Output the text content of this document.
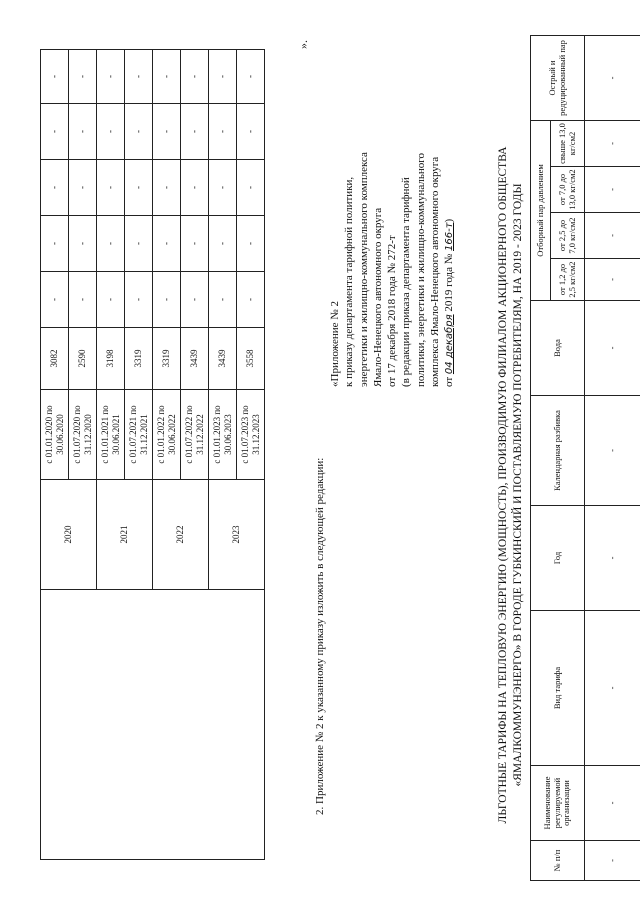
	2020	с 01.01.2020 по 30.06.2020	3082	-	-	-	-	-
		с 01.07.2020 по 31.12.2020	2590	-	-	-	-	-
	2021	с 01.01.2021 по 30.06.2021	3198	-	-	-	-	-
		с 01.07.2021 по 31.12.2021	3319	-	-	-	-	-
	2022	с 01.01.2022 по 30.06.2022	3319	-	-	-	-	-
		с 01.07.2022 по 31.12.2022	3439	-	-	-	-	-
	2023	с 01.01.2023 по 30.06.2023	3439	-	-	-	-	-
		с 01.07.2023 по 31.12.2023	3558	-	-	-	-	-
».
2. Приложение № 2 к указанному приказу изложить в следующей редакции:
«Приложение № 2 к приказу департамента тарифной политики, энергетики и жилищно-коммунального комплекса Ямало-Ненецкого автономного округа от 17 декабря 2018 года № 272-т (в редакции приказа департамента тарифной политики, энергетики и жилищно-коммунального комплекса Ямало-Ненецкого автономного округа от 04 декабря 2019 года № 166-т)	ЛЬГОТНЫЕ ТАРИФЫ НА ТЕПЛОВУЮ ЭНЕРГИЮ (МОЩНОСТЬ), ПРОИЗВОДИМУЮ ФИЛИАЛОМ АКЦИОНЕРНОГО ОБЩЕСТВА «ЯМАЛКОММУНЭНЕРГО» В ГОРОДЕ ГУБКИНСКИЙ И ПОСТАВЛЯЕМУЮ ПОТРЕБИТЕЛЯМ, НА 2019 - 2023 ГОДЫ
№ п/п	Наименование регулируемой организации	Вид тарифа	Год	Календарная разбивка	Вода	Отборный пар давлением				Острый и редуцированный пар
						от 1,2 до 2,5 кг/см2	от 2,5 до 7,0 кг/см2	от 7,0 до 13,0 кг/см2	свыше 13,0 кг/см2	
-	-	-	-	-	-	-	-	-	-	-
